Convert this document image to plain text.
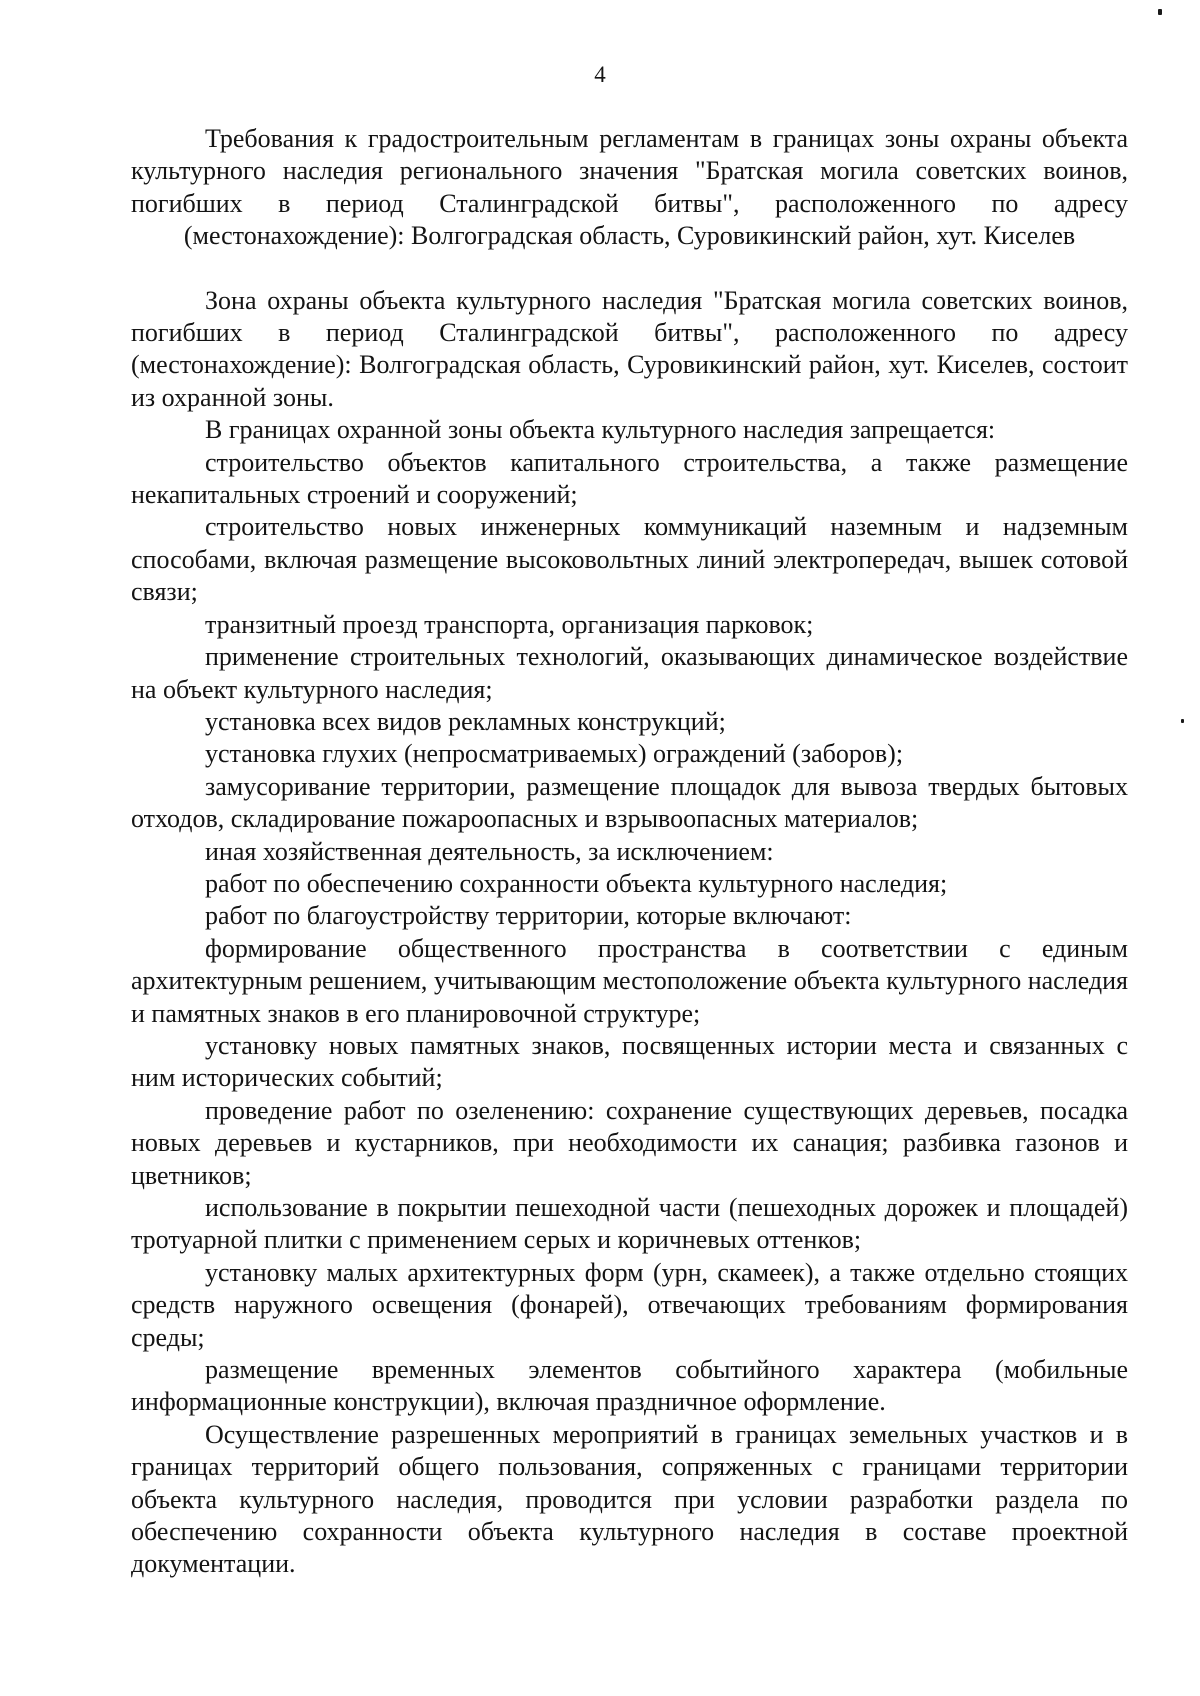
4

Требования к градостроительным регламентам в границах зоны охраны объекта культурного наследия регионального значения "Братская могила советских воинов, погибших в период Сталинградской битвы", расположенного по адресу (местонахождение): Волгоградская область, Суровикинский район, хут. Киселев

Зона охраны объекта культурного наследия "Братская могила советских воинов, погибших в период Сталинградской битвы", расположенного по адресу (местонахождение): Волгоградская область, Суровикинский район, хут. Киселев, состоит из охранной зоны.

В границах охранной зоны объекта культурного наследия запрещается:

строительство объектов капитального строительства, а также размещение некапитальных строений и сооружений;

строительство новых инженерных коммуникаций наземным и надземным способами, включая размещение высоковольтных линий электропередач, вышек сотовой связи;

транзитный проезд транспорта, организация парковок;

применение строительных технологий, оказывающих динамическое воздействие на объект культурного наследия;

установка всех видов рекламных конструкций;

установка глухих (непросматриваемых) ограждений (заборов);

замусоривание территории, размещение площадок для вывоза твердых бытовых отходов, складирование пожароопасных и взрывоопасных материалов;

иная хозяйственная деятельность, за исключением:

работ по обеспечению сохранности объекта культурного наследия;

работ по благоустройству территории, которые включают:

формирование общественного пространства в соответствии с единым архитектурным решением, учитывающим местоположение объекта культурного наследия и памятных знаков в его планировочной структуре;

установку новых памятных знаков, посвященных истории места и связанных с ним исторических событий;

проведение работ по озеленению: сохранение существующих деревьев, посадка новых деревьев и кустарников, при необходимости их санация; разбивка газонов и цветников;

использование в покрытии пешеходной части (пешеходных дорожек и площадей) тротуарной плитки с применением серых и коричневых оттенков;

установку малых архитектурных форм (урн, скамеек), а также отдельно стоящих средств наружного освещения (фонарей), отвечающих требованиям формирования среды;

размещение временных элементов событийного характера (мобильные информационные конструкции), включая праздничное оформление.

Осуществление разрешенных мероприятий в границах земельных участков и в границах территорий общего пользования, сопряженных с границами территории объекта культурного наследия, проводится при условии разработки раздела по обеспечению сохранности объекта культурного наследия в составе проектной документации.
